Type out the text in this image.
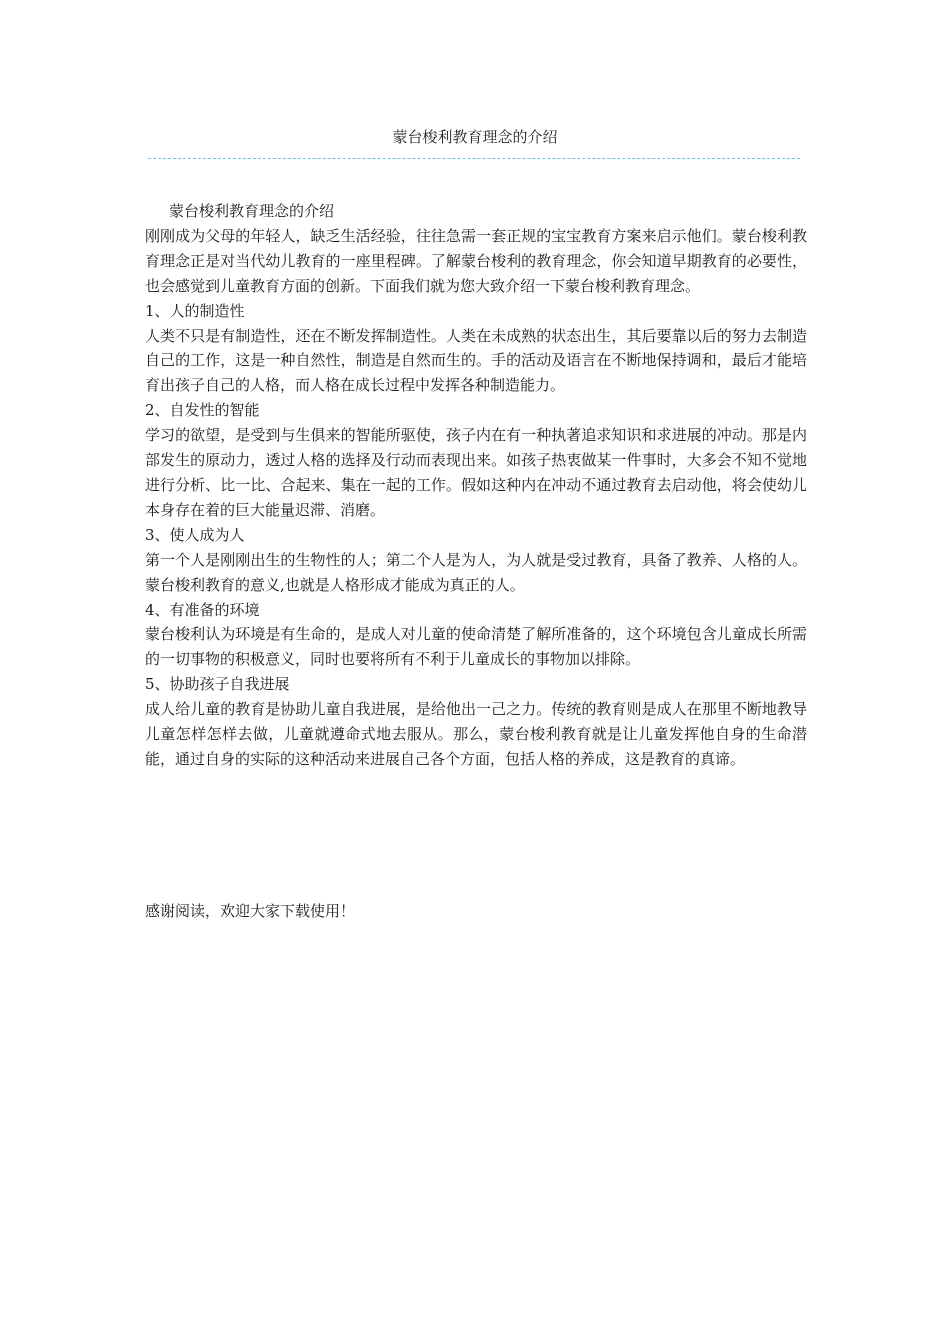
蒙台梭利教育理念的介绍

蒙台梭利教育理念的介绍

刚刚成为父母的年轻人，缺乏生活经验，往往急需一套正规的宝宝教育方案来启示他们。蒙台梭利教育理念正是对当代幼儿教育的一座里程碑。了解蒙台梭利的教育理念，你会知道早期教育的必要性，也会感觉到儿童教育方面的创新。下面我们就为您大致介绍一下蒙台梭利教育理念。

1、人的制造性

人类不只是有制造性，还在不断发挥制造性。人类在未成熟的状态出生，其后要靠以后的努力去制造自己的工作，这是一种自然性，制造是自然而生的。手的活动及语言在不断地保持调和，最后才能培育出孩子自己的人格，而人格在成长过程中发挥各种制造能力。

2、自发性的智能

学习的欲望，是受到与生俱来的智能所驱使，孩子内在有一种执著追求知识和求进展的冲动。那是内部发生的原动力，透过人格的选择及行动而表现出来。如孩子热衷做某一件事时，大多会不知不觉地进行分析、比一比、合起来、集在一起的工作。假如这种内在冲动不通过教育去启动他，将会使幼儿本身存在着的巨大能量迟滞、消磨。

3、使人成为人

第一个人是刚刚出生的生物性的人；第二个人是为人，为人就是受过教育，具备了教养、人格的人。蒙台梭利教育的意义,也就是人格形成才能成为真正的人。

4、有准备的环境

蒙台梭利认为环境是有生命的，是成人对儿童的使命清楚了解所准备的，这个环境包含儿童成长所需的一切事物的积极意义，同时也要将所有不利于儿童成长的事物加以排除。

5、协助孩子自我进展

成人给儿童的教育是协助儿童自我进展，是给他出一己之力。传统的教育则是成人在那里不断地教导儿童怎样怎样去做，儿童就遵命式地去服从。那么，蒙台梭利教育就是让儿童发挥他自身的生命潜能，通过自身的实际的这种活动来进展自己各个方面，包括人格的养成，这是教育的真谛。

感谢阅读，欢迎大家下载使用！
